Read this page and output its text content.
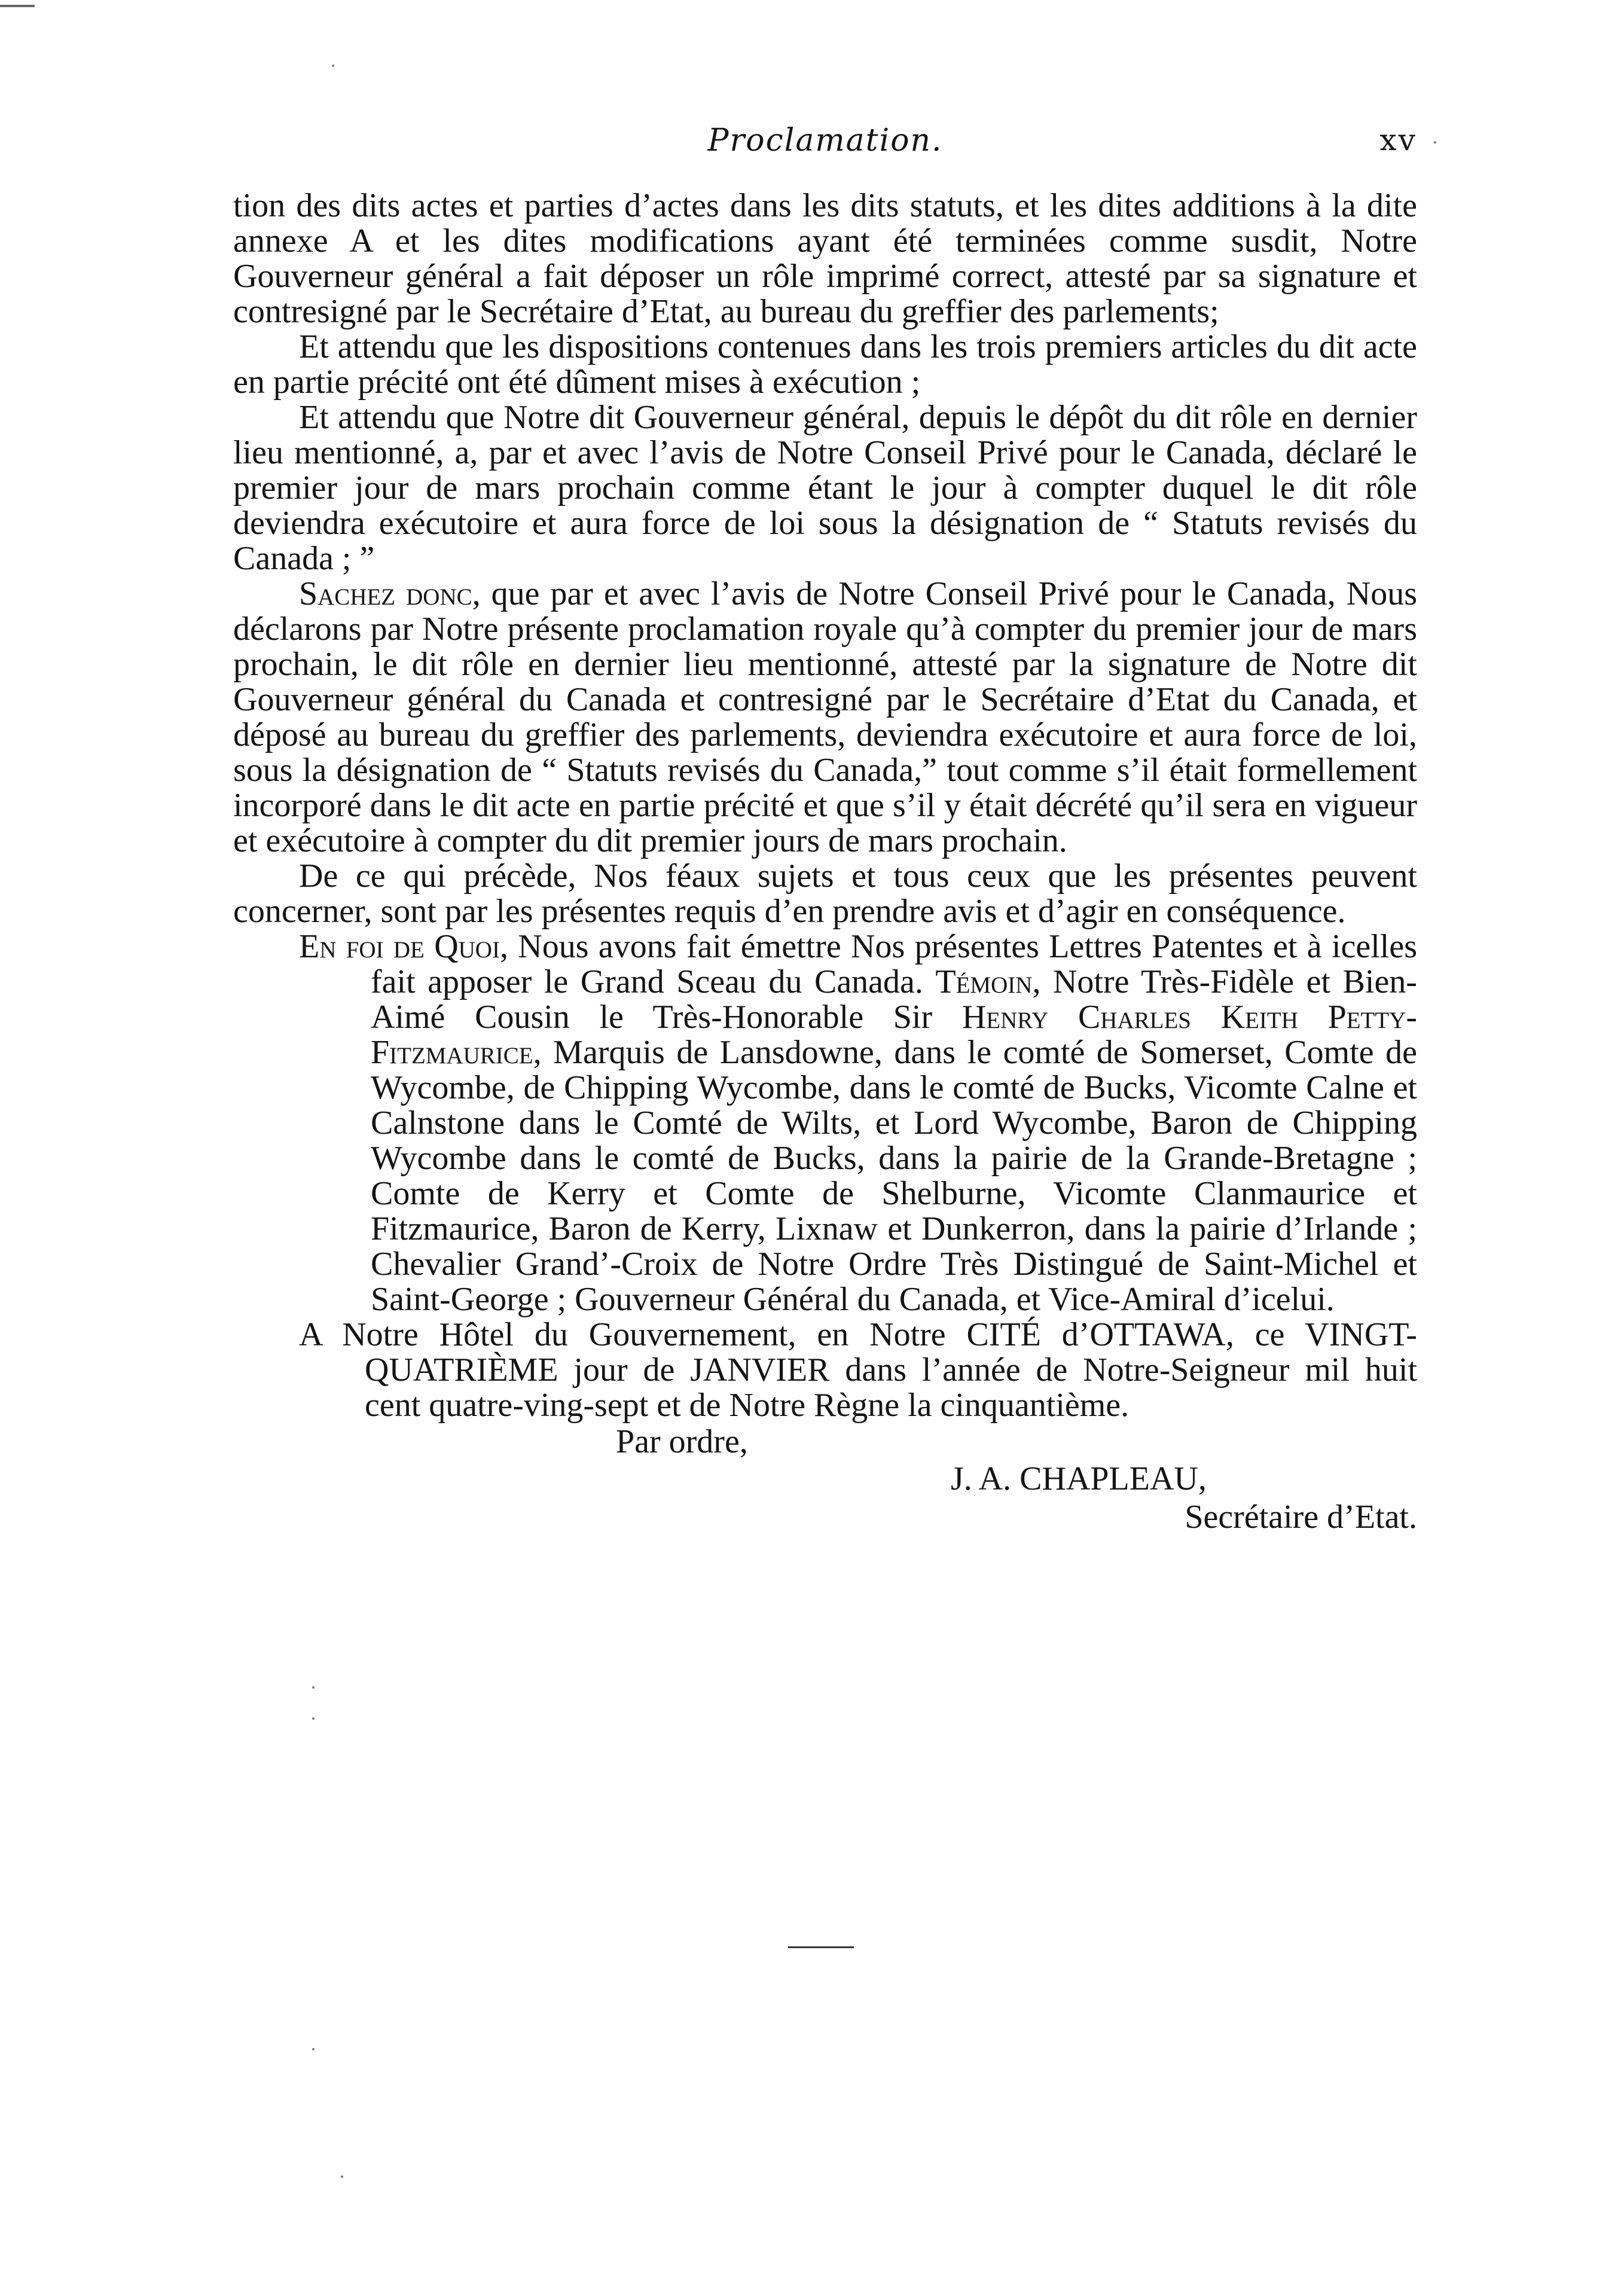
Proclamation.	xv

tion des dits actes et parties d’actes dans les dits statuts, et les dites additions à la dite annexe A et les dites modifications ayant été terminées comme susdit, Notre Gouverneur général a fait déposer un rôle imprimé correct, attesté par sa signature et contresigné par le Secrétaire d’Etat, au bureau du greffier des parlements;

Et attendu que les dispositions contenues dans les trois premiers articles du dit acte en partie précité ont été dûment mises à exécution ;

Et attendu que Notre dit Gouverneur général, depuis le dépôt du dit rôle en dernier lieu mentionné, a, par et avec l’avis de Notre Conseil Privé pour le Canada, déclaré le premier jour de mars prochain comme étant le jour à compter duquel le dit rôle deviendra exécutoire et aura force de loi sous la désignation de “ Statuts revisés du Canada ; ”

Sachez donc, que par et avec l’avis de Notre Conseil Privé pour le Canada, Nous déclarons par Notre présente proclamation royale qu’à compter du premier jour de mars prochain, le dit rôle en dernier lieu mentionné, attesté par la signature de Notre dit Gouverneur général du Canada et contresigné par le Secrétaire d’Etat du Canada, et déposé au bureau du greffier des parlements, deviendra exécutoire et aura force de loi, sous la désignation de “ Statuts revisés du Canada,” tout comme s’il était formellement incorporé dans le dit acte en partie précité et que s’il y était décrété qu’il sera en vigueur et exécutoire à compter du dit premier jours de mars prochain.

De ce qui précède, Nos féaux sujets et tous ceux que les présentes peuvent concerner, sont par les présentes requis d’en prendre avis et d’agir en conséquence.

En foi de Quoi, Nous avons fait émettre Nos présentes Lettres Patentes et à icelles fait apposer le Grand Sceau du Canada. Témoin, Notre Très-Fidèle et Bien-Aimé Cousin le Très-Honorable Sir Henry Charles Keith Petty-Fitzmaurice, Marquis de Lansdowne, dans le comté de Somerset, Comte de Wycombe, de Chipping Wycombe, dans le comté de Bucks, Vicomte Calne et Calnstone dans le Comté de Wilts, et Lord Wycombe, Baron de Chipping Wycombe dans le comté de Bucks, dans la pairie de la Grande-Bretagne ; Comte de Kerry et Comte de Shelburne, Vicomte Clanmaurice et Fitzmaurice, Baron de Kerry, Lixnaw et Dunkerron, dans la pairie d’Irlande ; Chevalier Grand’-Croix de Notre Ordre Très Distingué de Saint-Michel et Saint-George ; Gouverneur Général du Canada, et Vice-Amiral d’icelui.

A Notre Hôtel du Gouvernement, en Notre CITÉ d’OTTAWA, ce VINGT-QUATRIÈME jour de JANVIER dans l’année de Notre-Seigneur mil huit cent quatre-ving-sept et de Notre Règne la cinquantième.

Par ordre,
J. A. CHAPLEAU,
Secrétaire d’Etat.
